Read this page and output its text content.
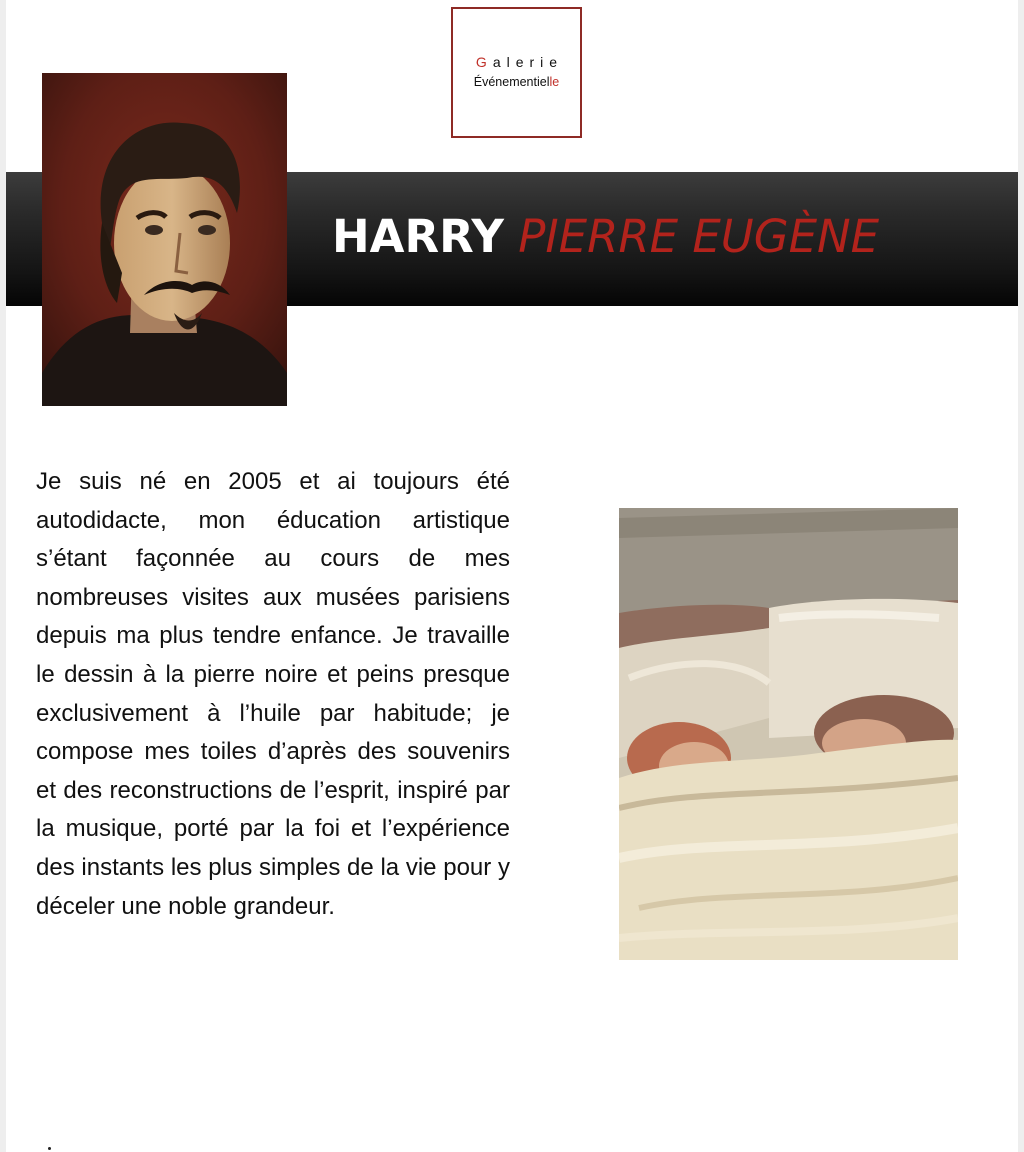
Galerie
Événementielle
HARRY PIERRE EUGÈNE
Je suis né en 2005 et ai toujours été autodidacte, mon éducation artistique s’étant façonnée au cours de mes nombreuses visites aux musées parisiens depuis ma plus tendre enfance. Je travaille le dessin à la pierre noire et peins presque exclusivement à l’huile par habitude; je compose mes toiles d’après des souvenirs et des reconstructions de l’esprit, inspiré par la musique, porté par la foi et l’expérience des instants les plus simples de la vie pour y déceler une noble grandeur.
